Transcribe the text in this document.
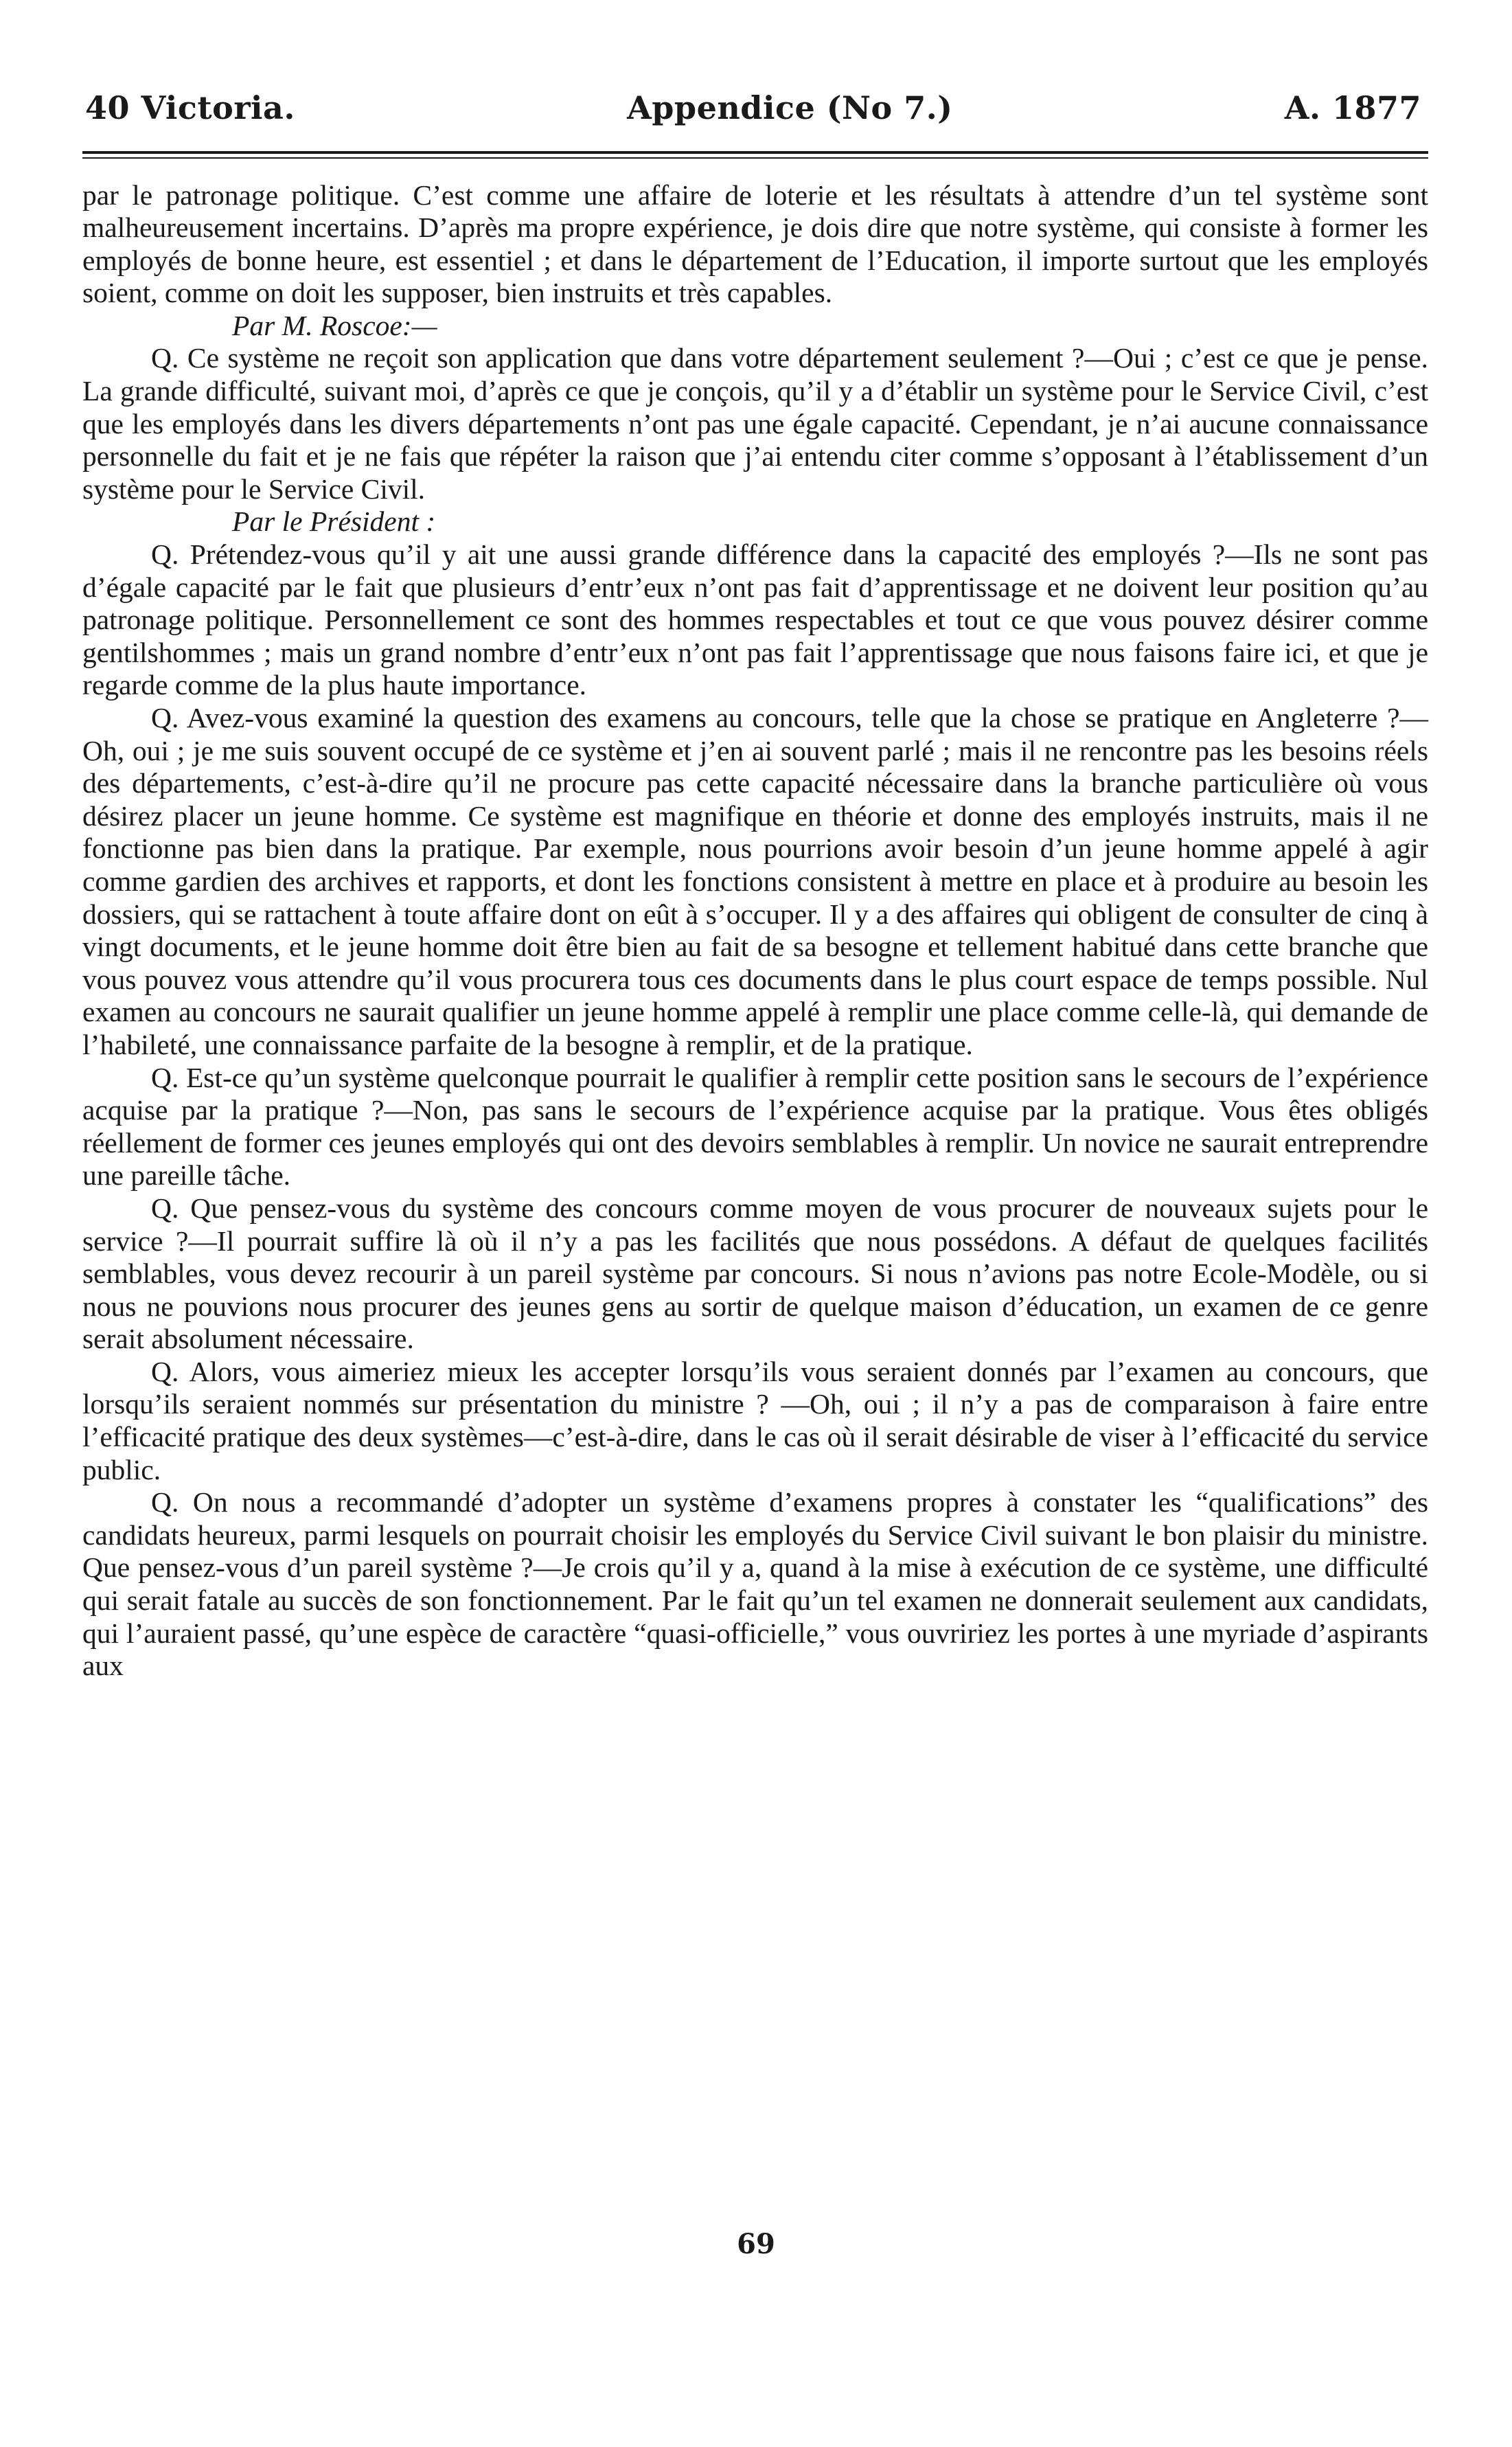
40 Victoria.	Appendice (No 7.)	A. 1877

par le patronage politique. C’est comme une affaire de loterie et les résultats à attendre d’un tel système sont malheureusement incertains. D’après ma propre expérience, je dois dire que notre système, qui consiste à former les employés de bonne heure, est essentiel ; et dans le département de l’Education, il importe surtout que les employés soient, comme on doit les supposer, bien instruits et très capables.

Par M. Roscoe:—

Q. Ce système ne reçoit son application que dans votre département seulement ?—Oui ; c’est ce que je pense. La grande difficulté, suivant moi, d’après ce que je conçois, qu’il y a d’établir un système pour le Service Civil, c’est que les employés dans les divers départements n’ont pas une égale capacité. Cependant, je n’ai aucune connaissance personnelle du fait et je ne fais que répéter la raison que j’ai entendu citer comme s’opposant à l’établissement d’un système pour le Service Civil.

Par le Président :

Q. Prétendez-vous qu’il y ait une aussi grande différence dans la capacité des employés ?—Ils ne sont pas d’égale capacité par le fait que plusieurs d’entr’eux n’ont pas fait d’apprentissage et ne doivent leur position qu’au patronage politique. Personnellement ce sont des hommes respectables et tout ce que vous pouvez désirer comme gentilshommes ; mais un grand nombre d’entr’eux n’ont pas fait l’apprentissage que nous faisons faire ici, et que je regarde comme de la plus haute importance.

Q. Avez-vous examiné la question des examens au concours, telle que la chose se pratique en Angleterre ?—Oh, oui ; je me suis souvent occupé de ce système et j’en ai souvent parlé ; mais il ne rencontre pas les besoins réels des départements, c’est-à-dire qu’il ne procure pas cette capacité nécessaire dans la branche particulière où vous désirez placer un jeune homme. Ce système est magnifique en théorie et donne des employés instruits, mais il ne fonctionne pas bien dans la pratique. Par exemple, nous pourrions avoir besoin d’un jeune homme appelé à agir comme gardien des archives et rapports, et dont les fonctions consistent à mettre en place et à produire au besoin les dossiers, qui se rattachent à toute affaire dont on eût à s’occuper. Il y a des affaires qui obligent de consulter de cinq à vingt documents, et le jeune homme doit être bien au fait de sa besogne et tellement habitué dans cette branche que vous pouvez vous attendre qu’il vous procurera tous ces documents dans le plus court espace de temps possible. Nul examen au concours ne saurait qualifier un jeune homme appelé à remplir une place comme celle-là, qui demande de l’habileté, une connaissance parfaite de la besogne à remplir, et de la pratique.

Q. Est-ce qu’un système quelconque pourrait le qualifier à remplir cette position sans le secours de l’expérience acquise par la pratique ?—Non, pas sans le secours de l’expérience acquise par la pratique. Vous êtes obligés réellement de former ces jeunes employés qui ont des devoirs semblables à remplir. Un novice ne saurait entreprendre une pareille tâche.

Q. Que pensez-vous du système des concours comme moyen de vous procurer de nouveaux sujets pour le service ?—Il pourrait suffire là où il n’y a pas les facilités que nous possédons. A défaut de quelques facilités semblables, vous devez recourir à un pareil système par concours. Si nous n’avions pas notre Ecole-Modèle, ou si nous ne pouvions nous procurer des jeunes gens au sortir de quelque maison d’éducation, un examen de ce genre serait absolument nécessaire.

Q. Alors, vous aimeriez mieux les accepter lorsqu’ils vous seraient donnés par l’examen au concours, que lorsqu’ils seraient nommés sur présentation du ministre ? —Oh, oui ; il n’y a pas de comparaison à faire entre l’efficacité pratique des deux systèmes—c’est-à-dire, dans le cas où il serait désirable de viser à l’efficacité du service public.

Q. On nous a recommandé d’adopter un système d’examens propres à constater les “qualifications” des candidats heureux, parmi lesquels on pourrait choisir les employés du Service Civil suivant le bon plaisir du ministre. Que pensez-vous d’un pareil système ?—Je crois qu’il y a, quand à la mise à exécution de ce système, une difficulté qui serait fatale au succès de son fonctionnement. Par le fait qu’un tel examen ne donnerait seulement aux candidats, qui l’auraient passé, qu’une espèce de caractère “quasi-officielle,” vous ouvririez les portes à une myriade d’aspirants aux

69
